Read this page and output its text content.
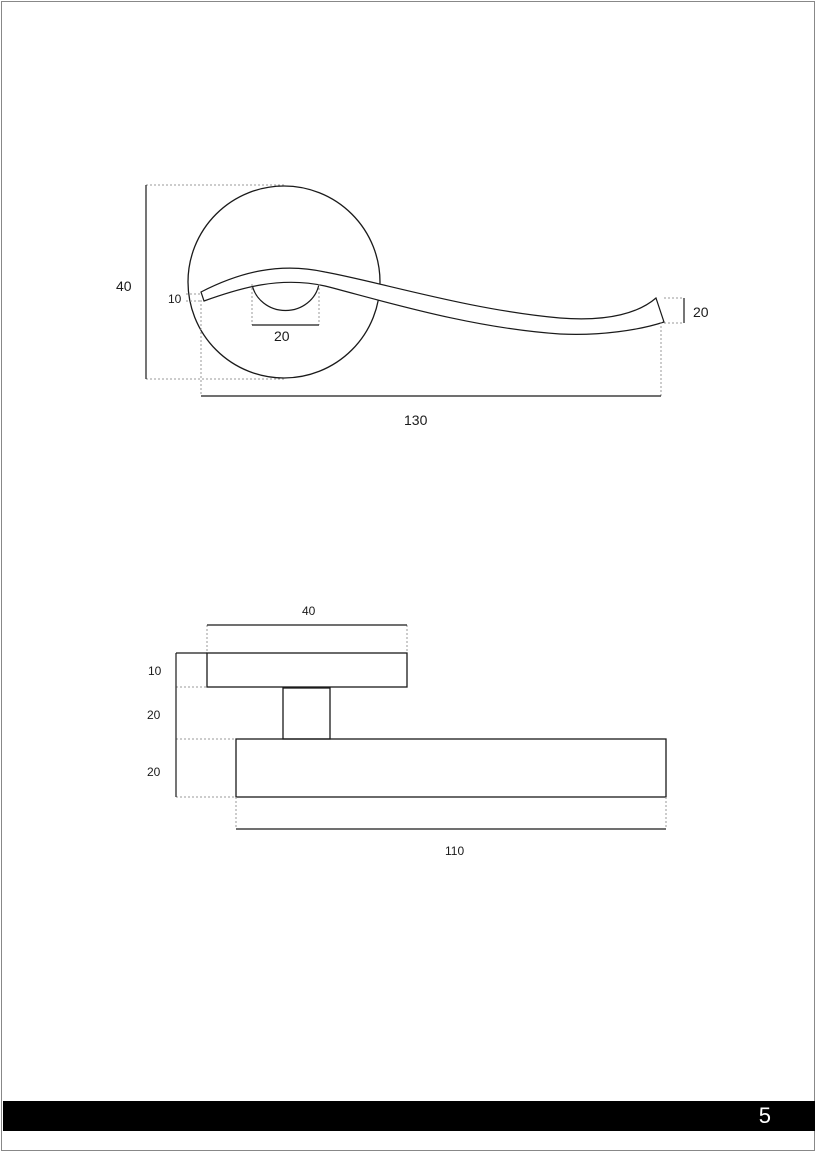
40
10
20
20
130
40
10
20
20
110
5
